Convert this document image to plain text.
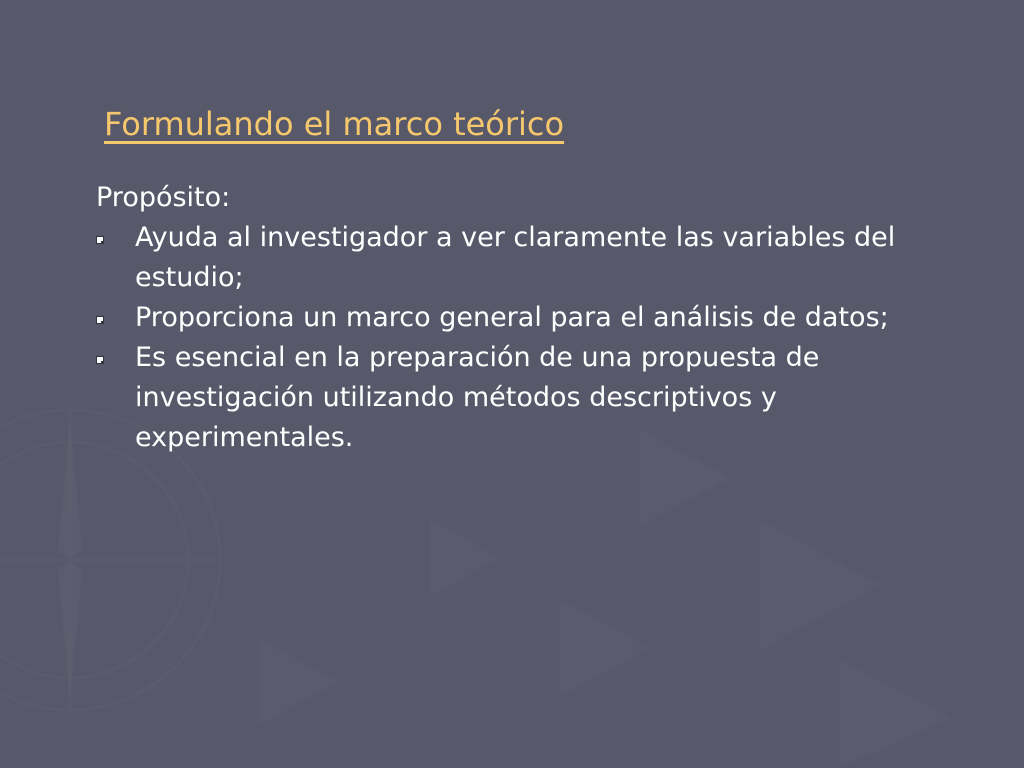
Formulando el marco teórico

Propósito:

Ayuda al investigador a ver claramente las variables del estudio;
Proporciona un marco general para el análisis de datos;
Es esencial en la preparación de una propuesta de investigación utilizando métodos descriptivos y experimentales.
